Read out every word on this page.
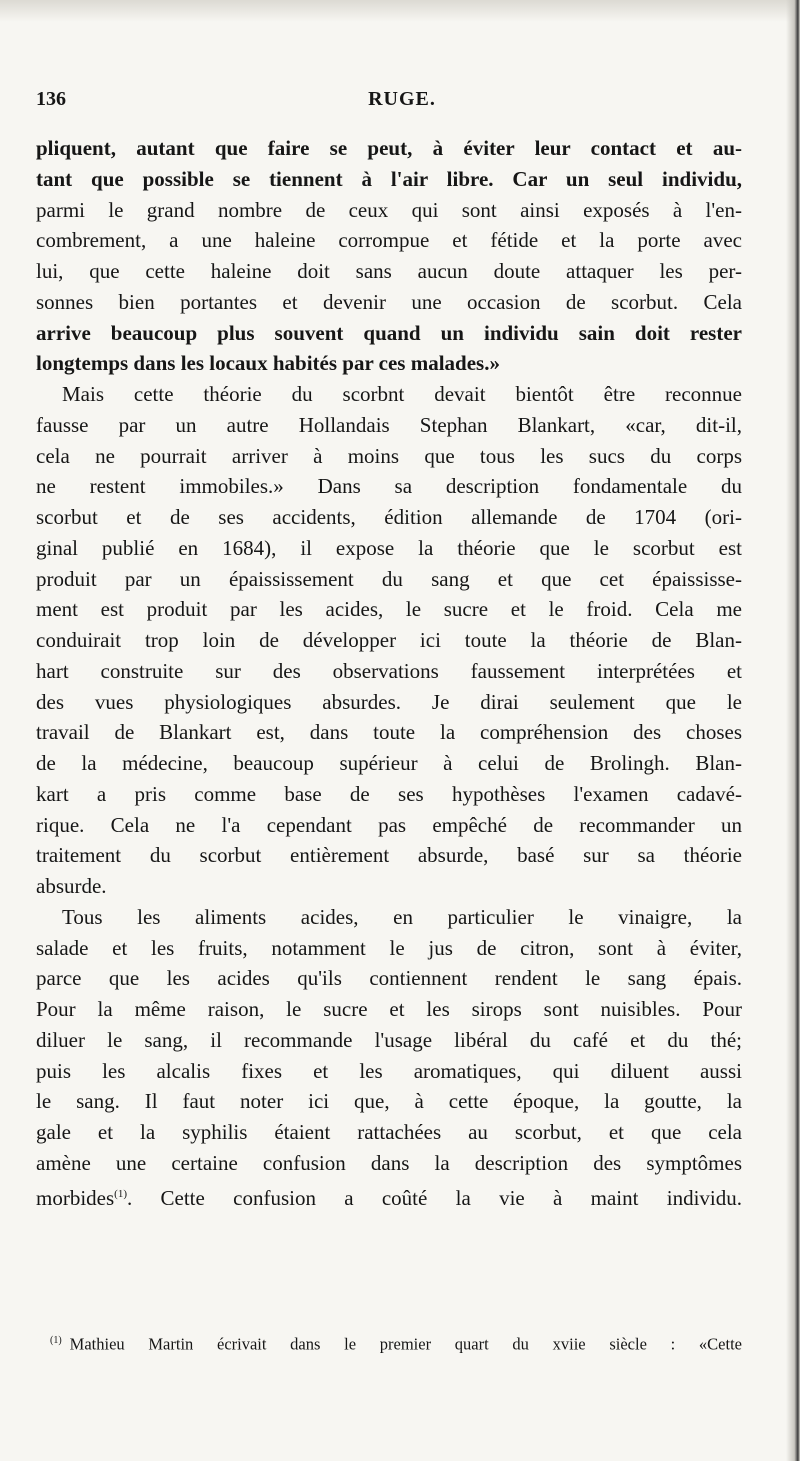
136	RUGE.
pliquent, autant que faire se peut, à éviter leur contact et au-
tant que possible se tiennent à l'air libre. Car un seul individu,
parmi le grand nombre de ceux qui sont ainsi exposés à l'en-
combrement, a une haleine corrompue et fétide et la porte avec
lui, que cette haleine doit sans aucun doute attaquer les per-
sonnes bien portantes et devenir une occasion de scorbut. Cela
arrive beaucoup plus souvent quand un individu sain doit rester
longtemps dans les locaux habités par ces malades.»
Mais cette théorie du scorbnt devait bientôt être reconnue
fausse par un autre Hollandais Stephan Blankart, «car, dit-il,
cela ne pourrait arriver à moins que tous les sucs du corps
ne restent immobiles.» Dans sa description fondamentale du
scorbut et de ses accidents, édition allemande de 1704 (ori-
ginal publié en 1684), il expose la théorie que le scorbut est
produit par un épaississement du sang et que cet épaississe-
ment est produit par les acides, le sucre et le froid. Cela me
conduirait trop loin de développer ici toute la théorie de Blan-
hart construite sur des observations faussement interprétées et
des vues physiologiques absurdes. Je dirai seulement que le
travail de Blankart est, dans toute la compréhension des choses
de la médecine, beaucoup supérieur à celui de Brolingh. Blan-
kart a pris comme base de ses hypothèses l'examen cadavé-
rique. Cela ne l'a cependant pas empêché de recommander un
traitement du scorbut entièrement absurde, basé sur sa théorie
absurde.
Tous les aliments acides, en particulier le vinaigre, la
salade et les fruits, notamment le jus de citron, sont à éviter,
parce que les acides qu'ils contiennent rendent le sang épais.
Pour la même raison, le sucre et les sirops sont nuisibles. Pour
diluer le sang, il recommande l'usage libéral du café et du thé;
puis les alcalis fixes et les aromatiques, qui diluent aussi
le sang. Il faut noter ici que, à cette époque, la goutte, la
gale et la syphilis étaient rattachées au scorbut, et que cela
amène une certaine confusion dans la description des symptômes
morbides$^{(1)}$. Cette confusion a coûté la vie à maint individu.
$^{(1)}$ Mathieu Martin écrivait dans le premier quart du xviie siècle : «Cette
